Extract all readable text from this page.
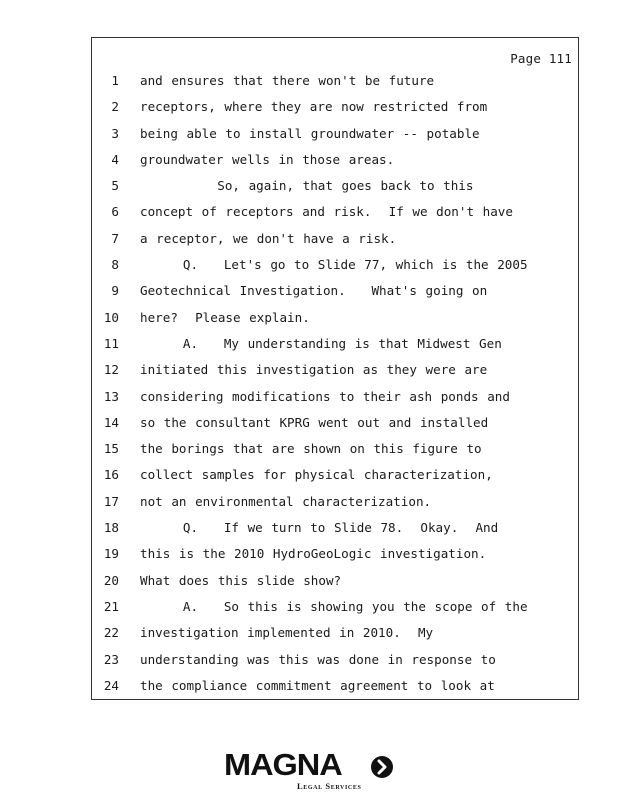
Page 111
1 and ensures that there won't be future
2 receptors, where they are now restricted from
3 being able to install groundwater -- potable
4 groundwater wells in those areas.
5 So, again, that goes back to this
6 concept of receptors and risk.  If we don't have
7 a receptor, we don't have a risk.
8 Q.   Let's go to Slide 77, which is the 2005
9 Geotechnical Investigation.   What's going on
10 here?  Please explain.
11 A.   My understanding is that Midwest Gen
12 initiated this investigation as they were are
13 considering modifications to their ash ponds and
14 so the consultant KPRG went out and installed
15 the borings that are shown on this figure to
16 collect samples for physical characterization,
17 not an environmental characterization.
18 Q.   If we turn to Slide 78.  Okay.  And
19 this is the 2010 HydroGeoLogic investigation.
20 What does this slide show?
21 A.   So this is showing you the scope of the
22 investigation implemented in 2010.  My
23 understanding was this was done in response to
24 the compliance commitment agreement to look at
MAGNA
Legal Services
